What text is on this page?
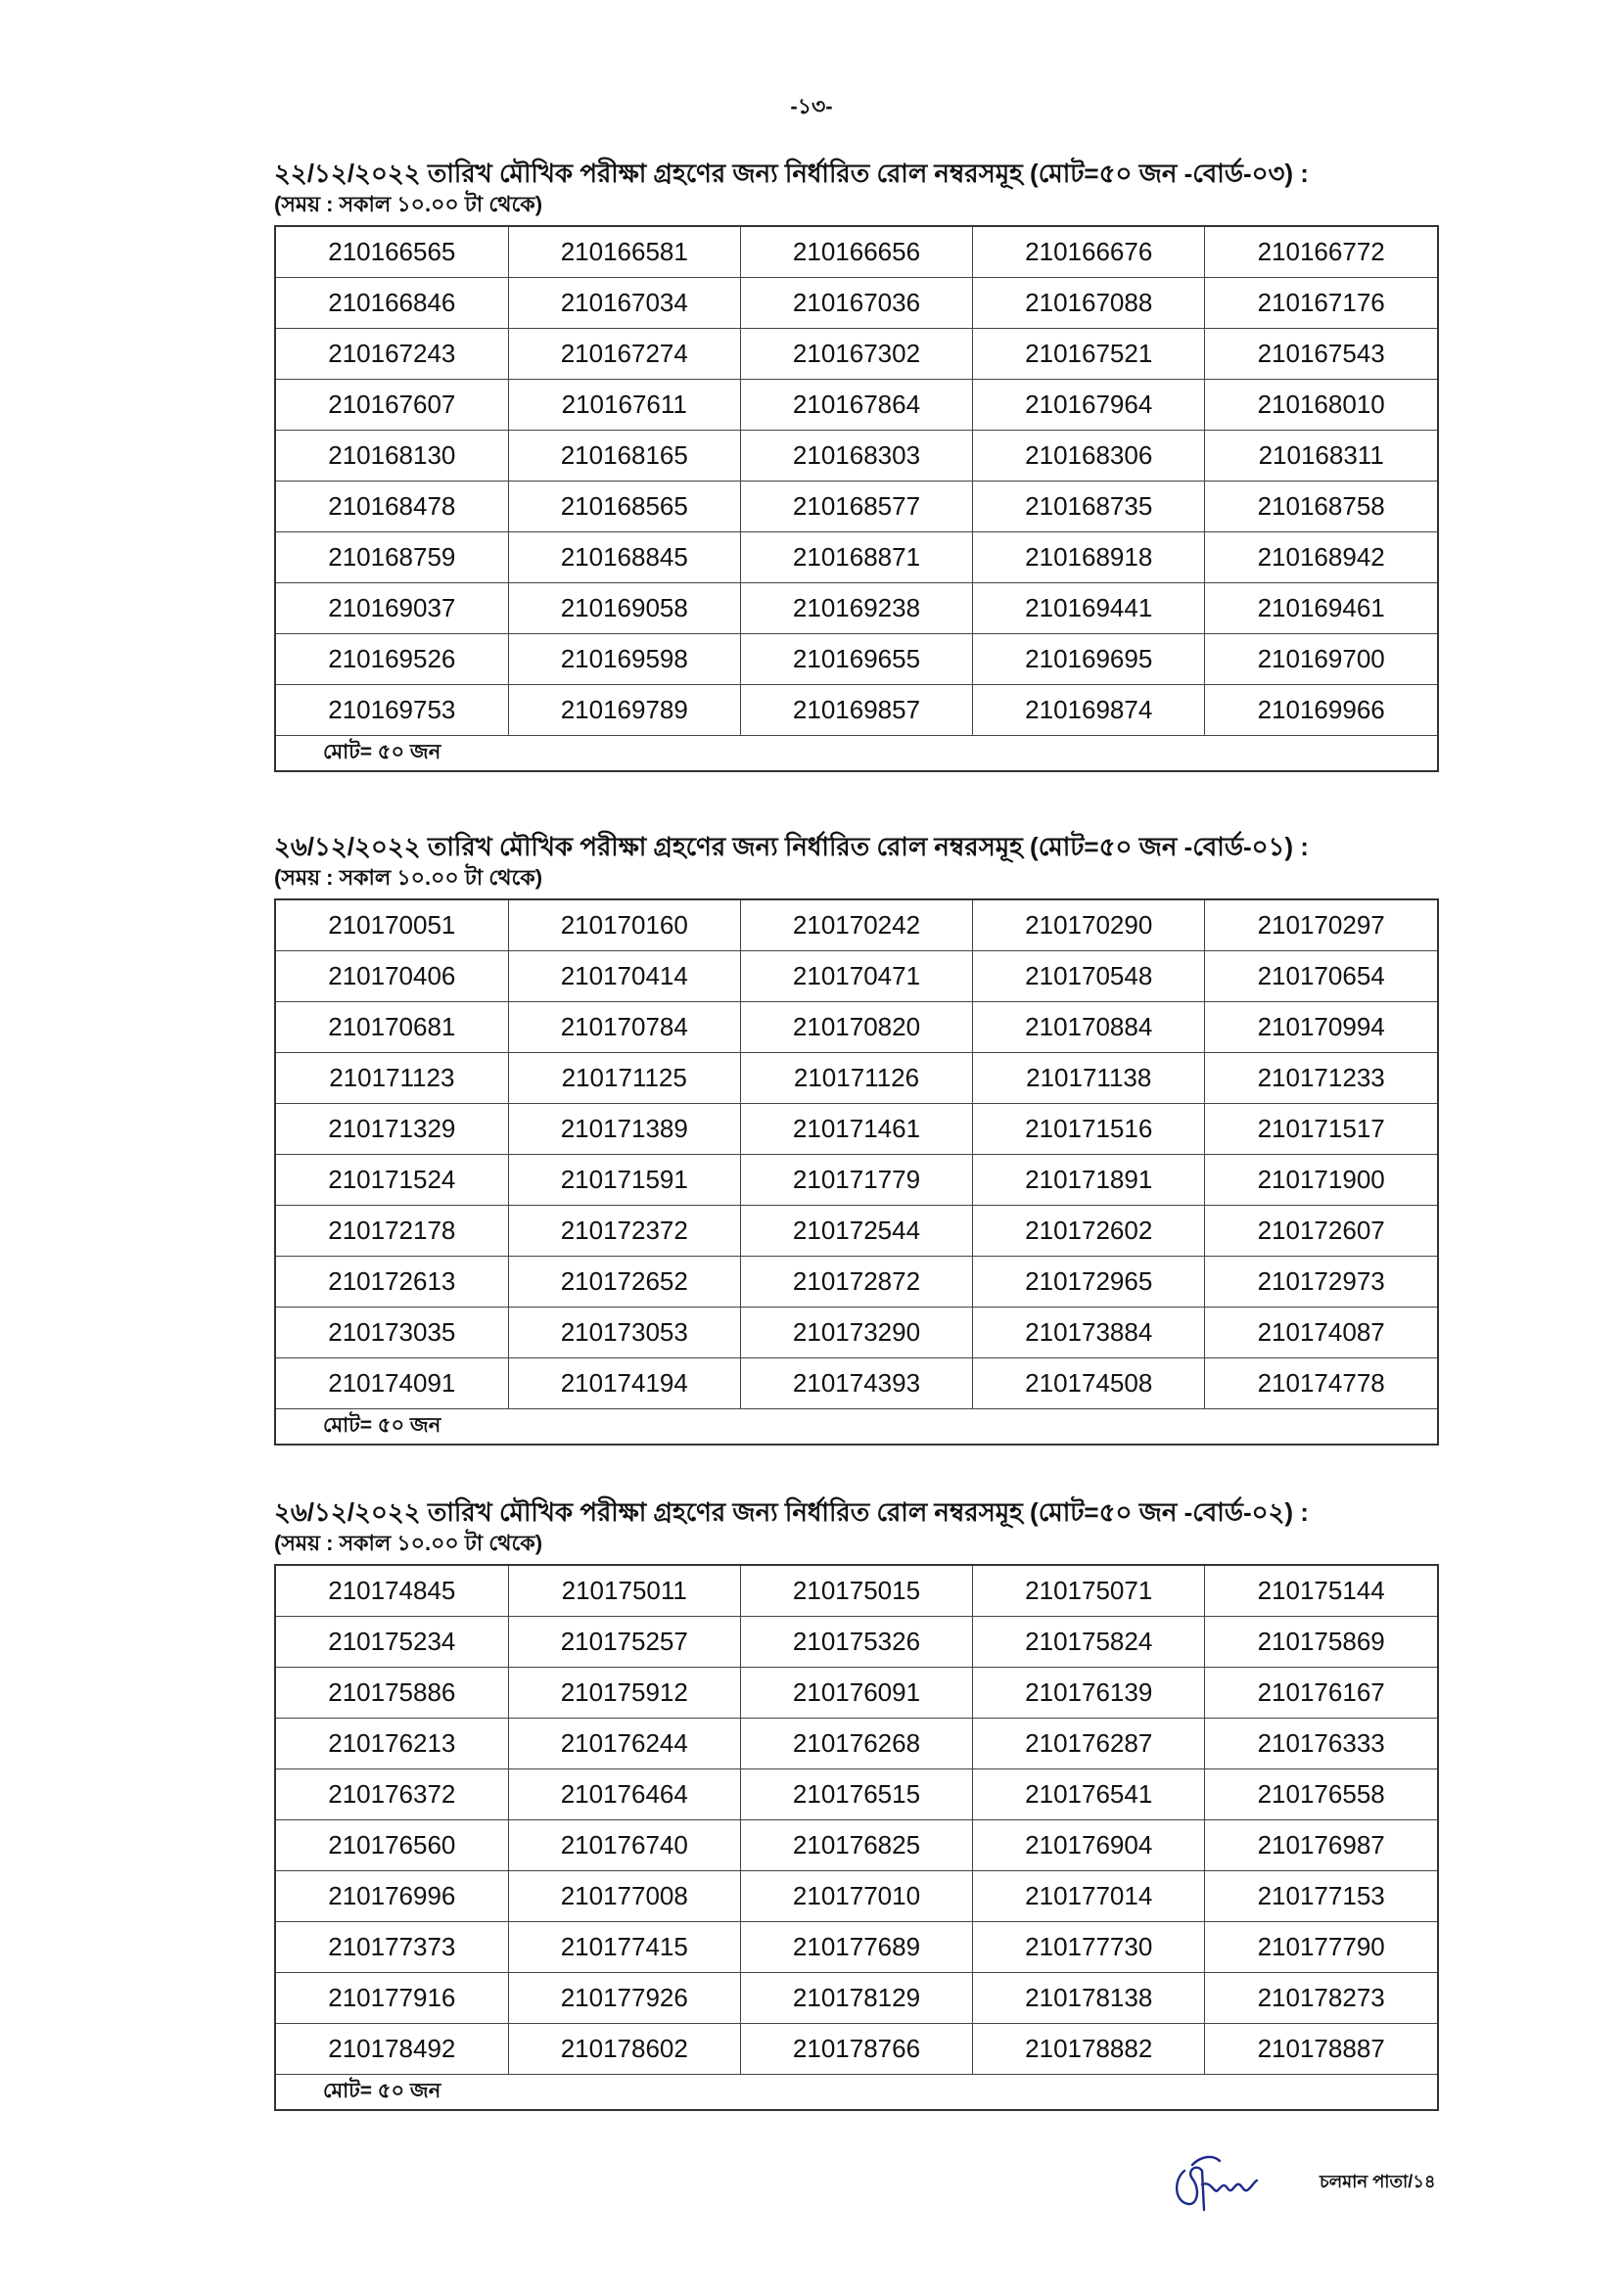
-১৩-

২২/১২/২০২২ তারিখ মৌখিক পরীক্ষা গ্রহণের জন্য নির্ধারিত রোল নম্বরসমূহ (মোট=৫০ জন -বোর্ড-০৩) :

(সময় : সকাল ১০.০০ টা থেকে)

210166565	210166581	210166656	210166676	210166772
210166846	210167034	210167036	210167088	210167176
210167243	210167274	210167302	210167521	210167543
210167607	210167611	210167864	210167964	210168010
210168130	210168165	210168303	210168306	210168311
210168478	210168565	210168577	210168735	210168758
210168759	210168845	210168871	210168918	210168942
210169037	210169058	210169238	210169441	210169461
210169526	210169598	210169655	210169695	210169700
210169753	210169789	210169857	210169874	210169966
মোট= ৫০ জন				

২৬/১২/২০২২ তারিখ মৌখিক পরীক্ষা গ্রহণের জন্য নির্ধারিত রোল নম্বরসমূহ (মোট=৫০ জন -বোর্ড-০১) :

(সময় : সকাল ১০.০০ টা থেকে)

210170051	210170160	210170242	210170290	210170297
210170406	210170414	210170471	210170548	210170654
210170681	210170784	210170820	210170884	210170994
210171123	210171125	210171126	210171138	210171233
210171329	210171389	210171461	210171516	210171517
210171524	210171591	210171779	210171891	210171900
210172178	210172372	210172544	210172602	210172607
210172613	210172652	210172872	210172965	210172973
210173035	210173053	210173290	210173884	210174087
210174091	210174194	210174393	210174508	210174778
মোট= ৫০ জন				

২৬/১২/২০২২ তারিখ মৌখিক পরীক্ষা গ্রহণের জন্য নির্ধারিত রোল নম্বরসমূহ (মোট=৫০ জন -বোর্ড-০২) :

(সময় : সকাল ১০.০০ টা থেকে)

210174845	210175011	210175015	210175071	210175144
210175234	210175257	210175326	210175824	210175869
210175886	210175912	210176091	210176139	210176167
210176213	210176244	210176268	210176287	210176333
210176372	210176464	210176515	210176541	210176558
210176560	210176740	210176825	210176904	210176987
210176996	210177008	210177010	210177014	210177153
210177373	210177415	210177689	210177730	210177790
210177916	210177926	210178129	210178138	210178273
210178492	210178602	210178766	210178882	210178887
মোট= ৫০ জন				
চলমান পাতা/১৪
